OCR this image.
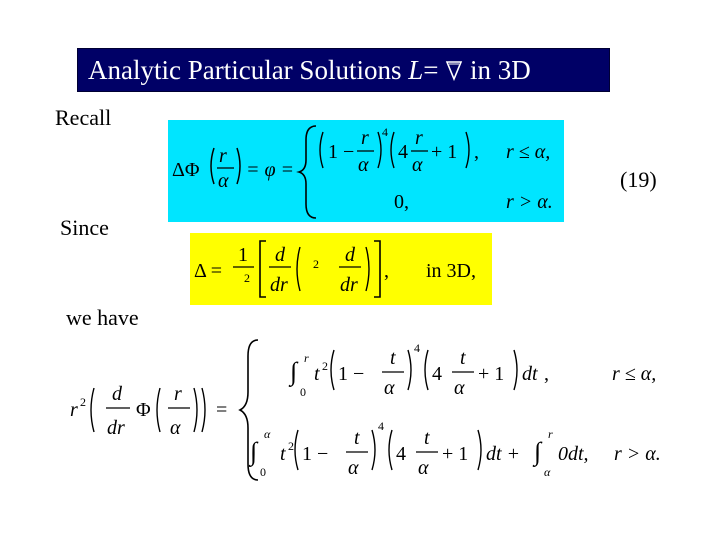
Analytic Particular Solutions L=  in 3D
Recall
Since
we have
(19)
ΔΦ
r
α = φ =
1 −
r
α
4
4
r
α
+ 1 , r ≤ α,
0,	r > α.
Δ =
1
2
d
dr
2 d
dr
, in 3D,
r 2 d
dr
Φ
r
α
=
∫ r
0
t 2 1 −
t
α
4
4
t
α
+ 1 dt ,	r ≤ α,
∫
α
0
t 2 1 −
t
α
4
4
t
α
+ 1 dt + ∫
r
α
0dt, r > α.
